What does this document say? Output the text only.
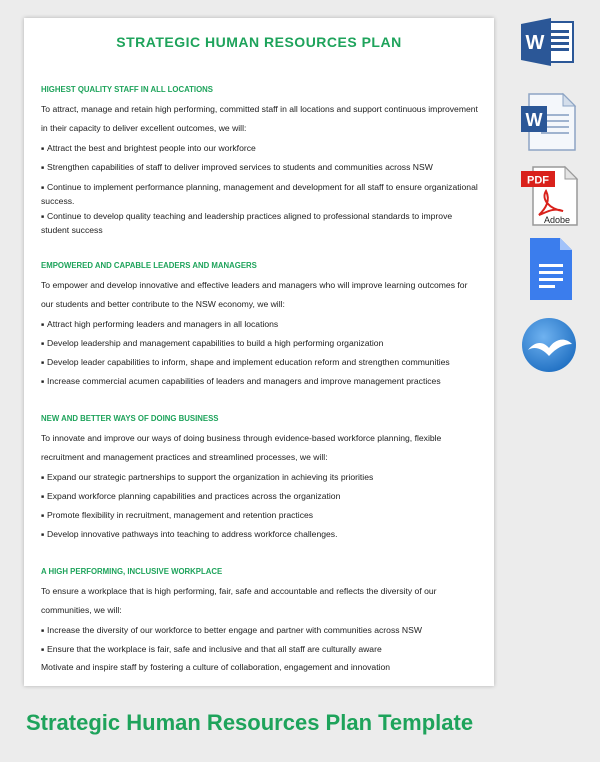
STRATEGIC HUMAN RESOURCES PLAN
HIGHEST QUALITY STAFF IN ALL LOCATIONS
To attract, manage and retain high performing, committed staff in all locations and support continuous improvement in their capacity to deliver excellent outcomes, we will:
■ Attract the best and brightest people into our workforce
■ Strengthen capabilities of staff to deliver improved services to students and communities across NSW
■ Continue to implement performance planning, management and development for all staff to ensure organizational success.
■ Continue to develop quality teaching and leadership practices aligned to professional standards to improve student success
EMPOWERED AND CAPABLE LEADERS AND MANAGERS
To empower and develop innovative and effective leaders and managers who will improve learning outcomes for our students and better contribute to the NSW economy, we will:
■ Attract high performing leaders and managers in all locations
■ Develop leadership and management capabilities to build a high performing organization
■ Develop leader capabilities to inform, shape and implement education reform and strengthen communities
■ Increase commercial acumen capabilities of leaders and managers and improve management practices
NEW AND BETTER WAYS OF DOING BUSINESS
To innovate and improve our ways of doing business through evidence-based workforce planning, flexible recruitment and management practices and streamlined processes, we will:
■ Expand our strategic partnerships to support the organization in achieving its priorities
■ Expand workforce planning capabilities and practices across the organization
■ Promote flexibility in recruitment, management and retention practices
■ Develop innovative pathways into teaching to address workforce challenges.
A HIGH PERFORMING, INCLUSIVE WORKPLACE
To ensure a workplace that is high performing, fair, safe and accountable and reflects the diversity of our communities, we will:
■ Increase the diversity of our workforce to better engage and partner with communities across NSW
■ Ensure that the workplace is fair, safe and inclusive and that all staff are culturally aware
Motivate and inspire staff by fostering a culture of collaboration, engagement and innovation
W
W
PDF
Adobe
Strategic Human Resources Plan Template
